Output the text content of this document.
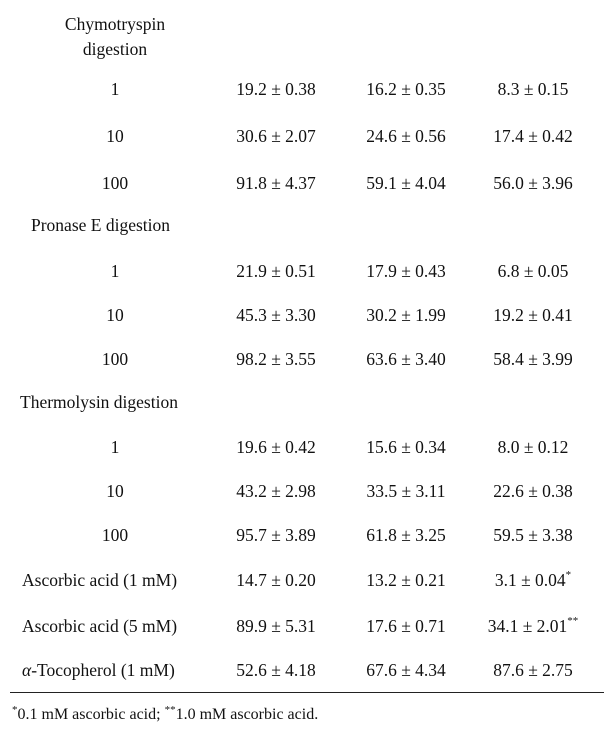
Chymotryspin
digestion
1	19.2 ± 0.38	16.2 ± 0.35	8.3 ± 0.15
10	30.6 ± 2.07	24.6 ± 0.56	17.4 ± 0.42
100	91.8 ± 4.37	59.1 ± 4.04	56.0 ± 3.96
Pronase E digestion
1	21.9 ± 0.51	17.9 ± 0.43	6.8 ± 0.05
10	45.3 ± 3.30	30.2 ± 1.99	19.2 ± 0.41
100	98.2 ± 3.55	63.6 ± 3.40	58.4 ± 3.99
Thermolysin digestion
1	19.6 ± 0.42	15.6 ± 0.34	8.0 ± 0.12
10	43.2 ± 2.98	33.5 ± 3.11	22.6 ± 0.38
100	95.7 ± 3.89	61.8 ± 3.25	59.5 ± 3.38
Ascorbic acid (1 mM)	14.7 ± 0.20	13.2 ± 0.21	3.1 ± 0.04*
Ascorbic acid (5 mM)	89.9 ± 5.31	17.6 ± 0.71	34.1 ± 2.01**
α-Tocopherol (1 mM)	52.6 ± 4.18	67.6 ± 4.34	87.6 ± 2.75
*0.1 mM ascorbic acid; **1.0 mM ascorbic acid.
